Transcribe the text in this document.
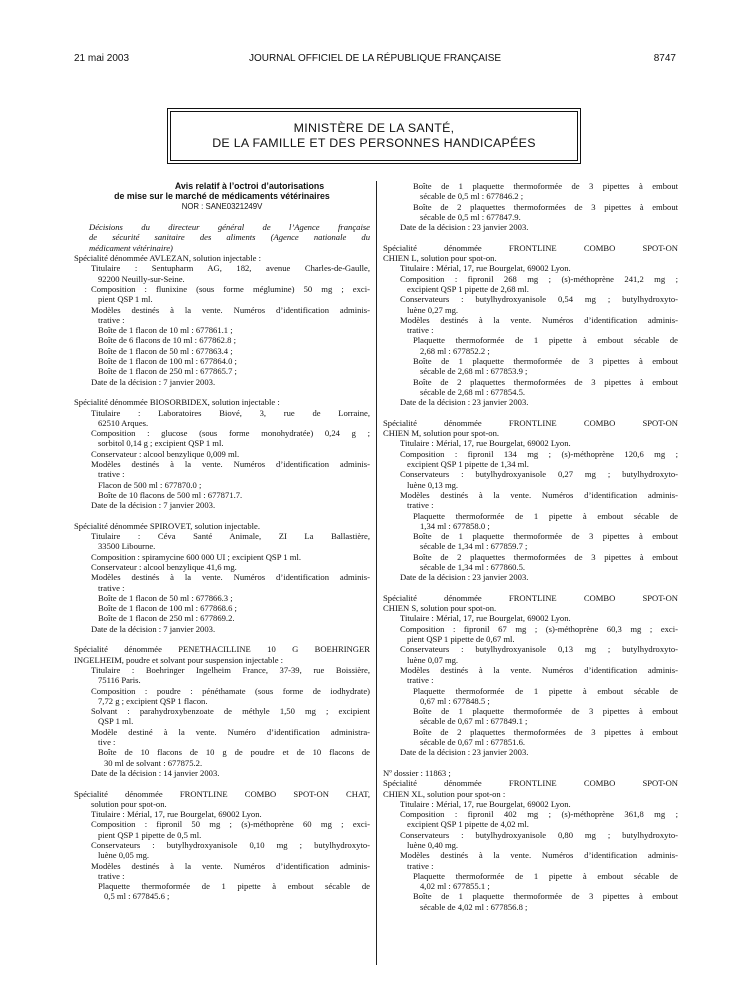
21 mai 2003	JOURNAL OFFICIEL DE LA RÉPUBLIQUE FRANÇAISE	8747
MINISTÈRE DE LA SANTÉ,
DE LA FAMILLE ET DES PERSONNES HANDICAPÉES
Avis relatif à l’octroi d’autorisations
de mise sur le marché de médicaments vétérinaires
NOR : SANE0321249V
Décisions du directeur général de l’Agence française
de sécurité sanitaire des aliments (Agence nationale du
médicament vétérinaire)
Spécialité dénommée AVLEZAN, solution injectable :
Titulaire : Sentupharm AG, 182, avenue Charles-de-Gaulle,
92200 Neuilly-sur-Seine.
Composition : flunixine (sous forme méglumine) 50 mg ; exci-
pient QSP 1 ml.
Modèles destinés à la vente. Numéros d’identification adminis-
trative :
Boîte de 1 flacon de 10 ml : 677861.1 ;
Boîte de 6 flacons de 10 ml : 677862.8 ;
Boîte de 1 flacon de 50 ml : 677863.4 ;
Boîte de 1 flacon de 100 ml : 677864.0 ;
Boîte de 1 flacon de 250 ml : 677865.7 ;
Date de la décision : 7 janvier 2003.
Spécialité dénommée BIOSORBIDEX, solution injectable :
Titulaire : Laboratoires Biové, 3, rue de Lorraine,
62510 Arques.
Composition : glucose (sous forme monohydratée) 0,24 g ;
sorbitol 0,14 g ; excipient QSP 1 ml.
Conservateur : alcool benzylique 0,009 ml.
Modèles destinés à la vente. Numéros d’identification adminis-
trative :
Flacon de 500 ml : 677870.0 ;
Boîte de 10 flacons de 500 ml : 677871.7.
Date de la décision : 7 janvier 2003.
Spécialité dénommée SPIROVET, solution injectable.
Titulaire : Céva Santé Animale, ZI La Ballastière,
33500 Libourne.
Composition : spiramycine 600 000 UI ; excipient QSP 1 ml.
Conservateur : alcool benzylique 41,6 mg.
Modèles destinés à la vente. Numéros d’identification adminis-
trative :
Boîte de 1 flacon de 50 ml : 677866.3 ;
Boîte de 1 flacon de 100 ml : 677868.6 ;
Boîte de 1 flacon de 250 ml : 677869.2.
Date de la décision : 7 janvier 2003.
Spécialité dénommée PENETHACILLINE 10 G BOEHRINGER
INGELHEIM, poudre et solvant pour suspension injectable :
Titulaire : Boehringer Ingelheim France, 37-39, rue Boissière,
75116 Paris.
Composition : poudre : pénéthamate (sous forme de iodhydrate)
7,72 g ; excipient QSP 1 flacon.
Solvant : parahydroxybenzoate de méthyle 1,50 mg ; excipient
QSP 1 ml.
Modèle destiné à la vente. Numéro d’identification administra-
tive :
Boîte de 10 flacons de 10 g de poudre et de 10 flacons de
30 ml de solvant : 677875.2.
Date de la décision : 14 janvier 2003.
Spécialité dénommée FRONTLINE COMBO SPOT-ON CHAT,
solution pour spot-on.
Titulaire : Mérial, 17, rue Bourgelat, 69002 Lyon.
Composition : fipronil 50 mg ; (s)-méthoprène 60 mg ; exci-
pient QSP 1 pipette de 0,5 ml.
Conservateurs : butylhydroxyanisole 0,10 mg ; butylhydroxyto-
luène 0,05 mg.
Modèles destinés à la vente. Numéros d’identification adminis-
trative :
Plaquette thermoformée de 1 pipette à embout sécable de
0,5 ml : 677845.6 ;
Boîte de 1 plaquette thermoformée de 3 pipettes à embout
sécable de 0,5 ml : 677846.2 ;
Boîte de 2 plaquettes thermoformées de 3 pipettes à embout
sécable de 0,5 ml : 677847.9.
Date de la décision : 23 janvier 2003.
Spécialité dénommée FRONTLINE COMBO SPOT-ON
CHIEN L, solution pour spot-on.
Titulaire : Mérial, 17, rue Bourgelat, 69002 Lyon.
Composition : fipronil 268 mg ; (s)-méthoprène 241,2 mg ;
excipient QSP 1 pipette de 2,68 ml.
Conservateurs : butylhydroxyanisole 0,54 mg ; butylhydroxyto-
luène 0,27 mg.
Modèles destinés à la vente. Numéros d’identification adminis-
trative :
Plaquette thermoformée de 1 pipette à embout sécable de
2,68 ml : 677852.2 ;
Boîte de 1 plaquette thermoformée de 3 pipettes à embout
sécable de 2,68 ml : 677853.9 ;
Boîte de 2 plaquettes thermoformées de 3 pipettes à embout
sécable de 2,68 ml : 677854.5.
Date de la décision : 23 janvier 2003.
Spécialité dénommée FRONTLINE COMBO SPOT-ON
CHIEN M, solution pour spot-on.
Titulaire : Mérial, 17, rue Bourgelat, 69002 Lyon.
Composition : fipronil 134 mg ; (s)-méthoprène 120,6 mg ;
excipient QSP 1 pipette de 1,34 ml.
Conservateurs : butylhydroxyanisole 0,27 mg ; butylhydroxyto-
luène 0,13 mg.
Modèles destinés à la vente. Numéros d’identification adminis-
trative :
Plaquette thermoformée de 1 pipette à embout sécable de
1,34 ml : 677858.0 ;
Boîte de 1 plaquette thermoformée de 3 pipettes à embout
sécable de 1,34 ml : 677859.7 ;
Boîte de 2 plaquettes thermoformées de 3 pipettes à embout
sécable de 1,34 ml : 677860.5.
Date de la décision : 23 janvier 2003.
Spécialité dénommée FRONTLINE COMBO SPOT-ON
CHIEN S, solution pour spot-on.
Titulaire : Mérial, 17, rue Bourgelat, 69002 Lyon.
Composition : fipronil 67 mg ; (s)-méthoprène 60,3 mg ; exci-
pient QSP 1 pipette de 0,67 ml.
Conservateurs : butylhydroxyanisole 0,13 mg ; butylhydroxyto-
luène 0,07 mg.
Modèles destinés à la vente. Numéros d’identification adminis-
trative :
Plaquette thermoformée de 1 pipette à embout sécable de
0,67 ml : 677848.5 ;
Boîte de 1 plaquette thermoformée de 3 pipettes à embout
sécable de 0,67 ml : 677849.1 ;
Boîte de 2 plaquettes thermoformées de 3 pipettes à embout
sécable de 0,67 ml : 677851.6.
Date de la décision : 23 janvier 2003.
Nº dossier : 11863 ;
Spécialité dénommée FRONTLINE COMBO SPOT-ON
CHIEN XL, solution pour spot-on :
Titulaire : Mérial, 17, rue Bourgelat, 69002 Lyon.
Composition : fipronil 402 mg ; (s)-méthoprène 361,8 mg ;
excipient QSP 1 pipette de 4,02 ml.
Conservateurs : butylhydroxyanisole 0,80 mg ; butylhydroxyto-
luène 0,40 mg.
Modèles destinés à la vente. Numéros d’identification adminis-
trative :
Plaquette thermoformée de 1 pipette à embout sécable de
4,02 ml : 677855.1 ;
Boîte de 1 plaquette thermoformée de 3 pipettes à embout
sécable de 4,02 ml : 677856.8 ;
